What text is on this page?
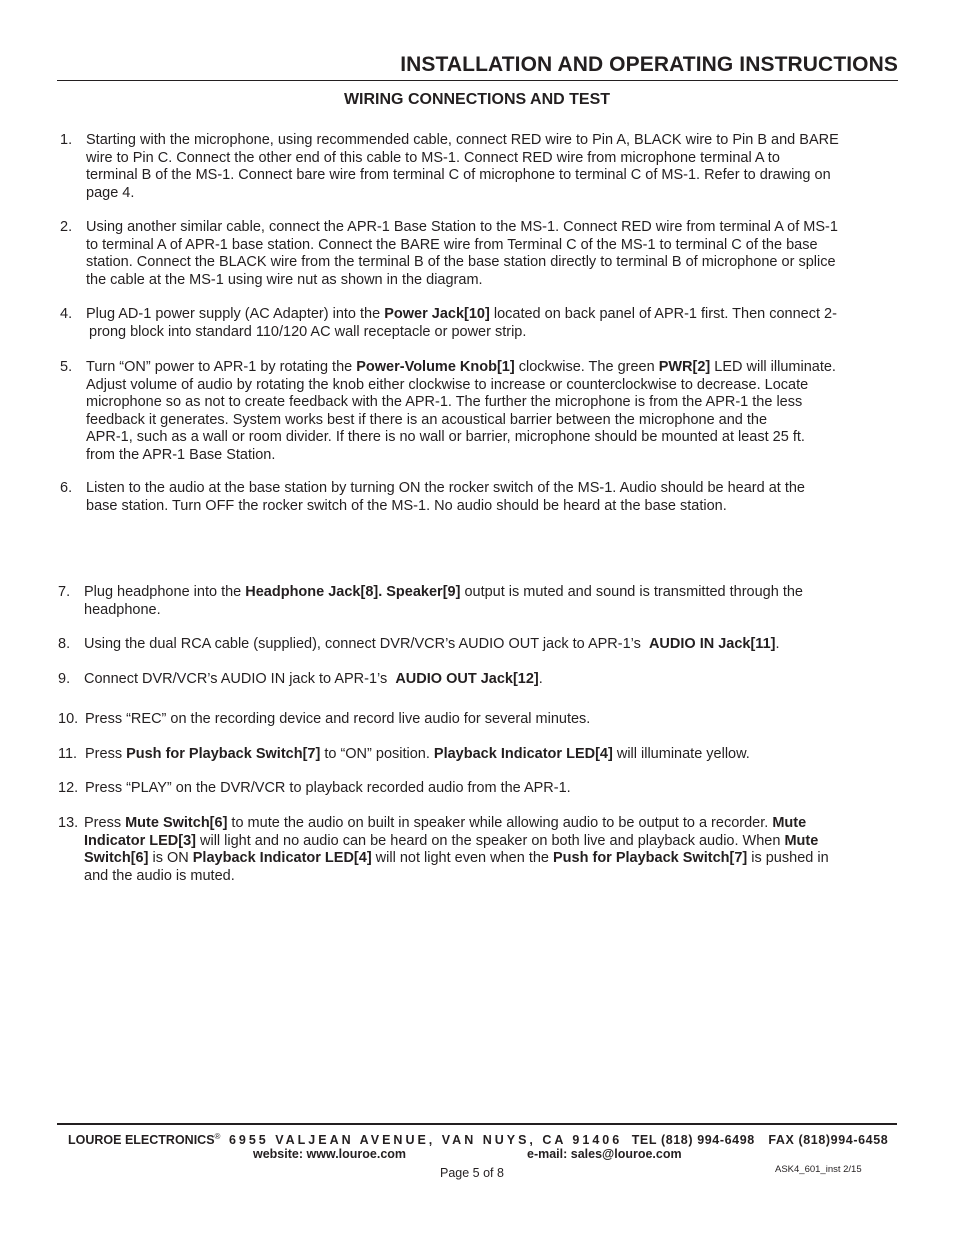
INSTALLATION AND OPERATING INSTRUCTIONS
WIRING CONNECTIONS AND TEST
1. Starting with the microphone, using recommended cable, connect RED wire to Pin A, BLACK wire to Pin B and BARE
wire to Pin C. Connect the other end of this cable to MS-1. Connect RED wire from microphone terminal A to
terminal B of the MS-1. Connect bare wire from terminal C of microphone to terminal C of MS-1. Refer to drawing on
page 4.
2. Using another similar cable, connect the APR-1 Base Station to the MS-1. Connect RED wire from terminal A of MS-1
to terminal A of APR-1 base station. Connect the BARE wire from Terminal C of the MS-1 to terminal C of the base
station. Connect the BLACK wire from the terminal B of the base station directly to terminal B of microphone or splice
the cable at the MS-1 using wire nut as shown in the diagram.
4. Plug AD-1 power supply (AC Adapter) into the Power Jack[10] located on back panel of APR-1 first. Then connect 2-
prong block into standard 110/120 AC wall receptacle or power strip.
5. Turn “ON” power to APR-1 by rotating the Power-Volume Knob[1] clockwise. The green PWR[2] LED will illuminate.
Adjust volume of audio by rotating the knob either clockwise to increase or counterclockwise to decrease. Locate
microphone so as not to create feedback with the APR-1. The further the microphone is from the APR-1 the less
feedback it generates. System works best if there is an acoustical barrier between the microphone and the
APR-1, such as a wall or room divider. If there is no wall or barrier, microphone should be mounted at least 25 ft.
from the APR-1 Base Station.
6. Listen to the audio at the base station by turning ON the rocker switch of the MS-1. Audio should be heard at the
base station. Turn OFF the rocker switch of the MS-1. No audio should be heard at the base station.
7. Plug headphone into the Headphone Jack[8]. Speaker[9] output is muted and sound is transmitted through the
headphone.
8. Using the dual RCA cable (supplied), connect DVR/VCR’s AUDIO OUT jack to APR-1’s  AUDIO IN Jack[11].
9. Connect DVR/VCR’s AUDIO IN jack to APR-1’s  AUDIO OUT Jack[12].
10. Press “REC” on the recording device and record live audio for several minutes.
11. Press Push for Playback Switch[7] to “ON” position. Playback Indicator LED[4] will illuminate yellow.
12. Press “PLAY” on the DVR/VCR to playback recorded audio from the APR-1.
13. Press Mute Switch[6] to mute the audio on built in speaker while allowing audio to be output to a recorder. Mute
Indicator LED[3] will light and no audio can be heard on the speaker on both live and playback audio. When Mute
Switch[6] is ON Playback Indicator LED[4] will not light even when the Push for Playback Switch[7] is pushed in
and the audio is muted.
LOUROE ELECTRONICS® 6955 VALJEAN AVENUE, VAN NUYS, CA 91406 TEL (818) 994-6498 FAX (818)994-6458
website: www.louroe.com	e-mail: sales@louroe.com
Page 5 of 8	ASK4_601_inst 2/15
